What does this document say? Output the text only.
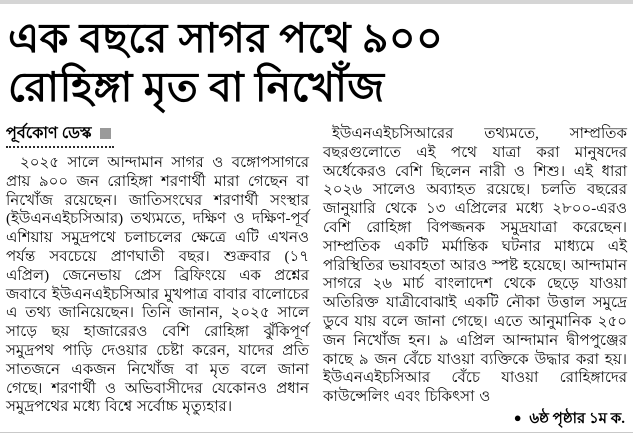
এক বছরে সাগর পথে ৯০০
রোহিঙ্গা মৃত বা নিখোঁজ
পূর্বকোণ ডেস্ক

২০২৫ সালে আন্দামান সাগর ও বঙ্গোপসাগরে প্রায় ৯০০ জন রোহিঙ্গা শরণার্থী মারা গেছেন বা নিখোঁজ রয়েছেন। জাতিসংঘের শরণার্থী সংস্থার (ইউএনএইচসিআর) তথ্যমতে, দক্ষিণ ও দক্ষিণ-পূর্ব এশিয়ায় সমুদ্রপথে চলাচলের ক্ষেত্রে এটি এখনও পর্যন্ত সবচেয়ে প্রাণঘাতী বছর। শুক্রবার (১৭ এপ্রিল) জেনেভায় প্রেস ব্রিফিংয়ে এক প্রশ্নের জবাবে ইউএনএইচসিআর মুখপাত্র বাবার বালোচের এ তথ্য জানিয়েছেন। তিনি জানান, ২০২৫ সালে সাড়ে ছয় হাজারেরও বেশি রোহিঙ্গা ঝুঁকিপূর্ণ সমুদ্রপথ পাড়ি দেওয়ার চেষ্টা করেন, যাদের প্রতি সাতজনে একজন নিখোঁজ বা মৃত বলে জানা গেছে। শরণার্থী ও অভিবাসীদের যেকোনও প্রধান সমুদ্রপথের মধ্যে বিশ্বে সর্বোচ্চ মৃত্যুহার।

ইউএনএইচসিআরের তথ্যমতে, সাম্প্রতিক বছরগুলোতে এই পথে যাত্রা করা মানুষদের অর্ধেকেরও বেশি ছিলেন নারী ও শিশু। এই ধারা ২০২৬ সালেও অব্যাহত রয়েছে। চলতি বছরের জানুয়ারি থেকে ১৩ এপ্রিলের মধ্যে ২৮০০-এরও বেশি রোহিঙ্গা বিপজ্জনক সমুদ্রযাত্রা করেছেন। সাম্প্রতিক একটি মর্মান্তিক ঘটনার মাধ্যমে এই পরিস্থিতির ভয়াবহতা আরও স্পষ্ট হয়েছে। আন্দামান সাগরে ২৬ মার্চ বাংলাদেশ থেকে ছেড়ে যাওয়া অতিরিক্ত যাত্রীবোঝাই একটি নৌকা উত্তাল সমুদ্রে ডুবে যায় বলে জানা গেছে। এতে আনুমানিক ২৫০ জন নিখোঁজ হন। ৯ এপ্রিল আন্দামান দ্বীপপুঞ্জের কাছে ৯ জন বেঁচে যাওয়া ব্যক্তিকে উদ্ধার করা হয়। ইউএনএইচসিআর বেঁচে যাওয়া রোহিঙ্গাদের কাউন্সেলিং এবং চিকিৎসা ও

● ৬ষ্ঠ পৃষ্ঠার ১ম ক.
